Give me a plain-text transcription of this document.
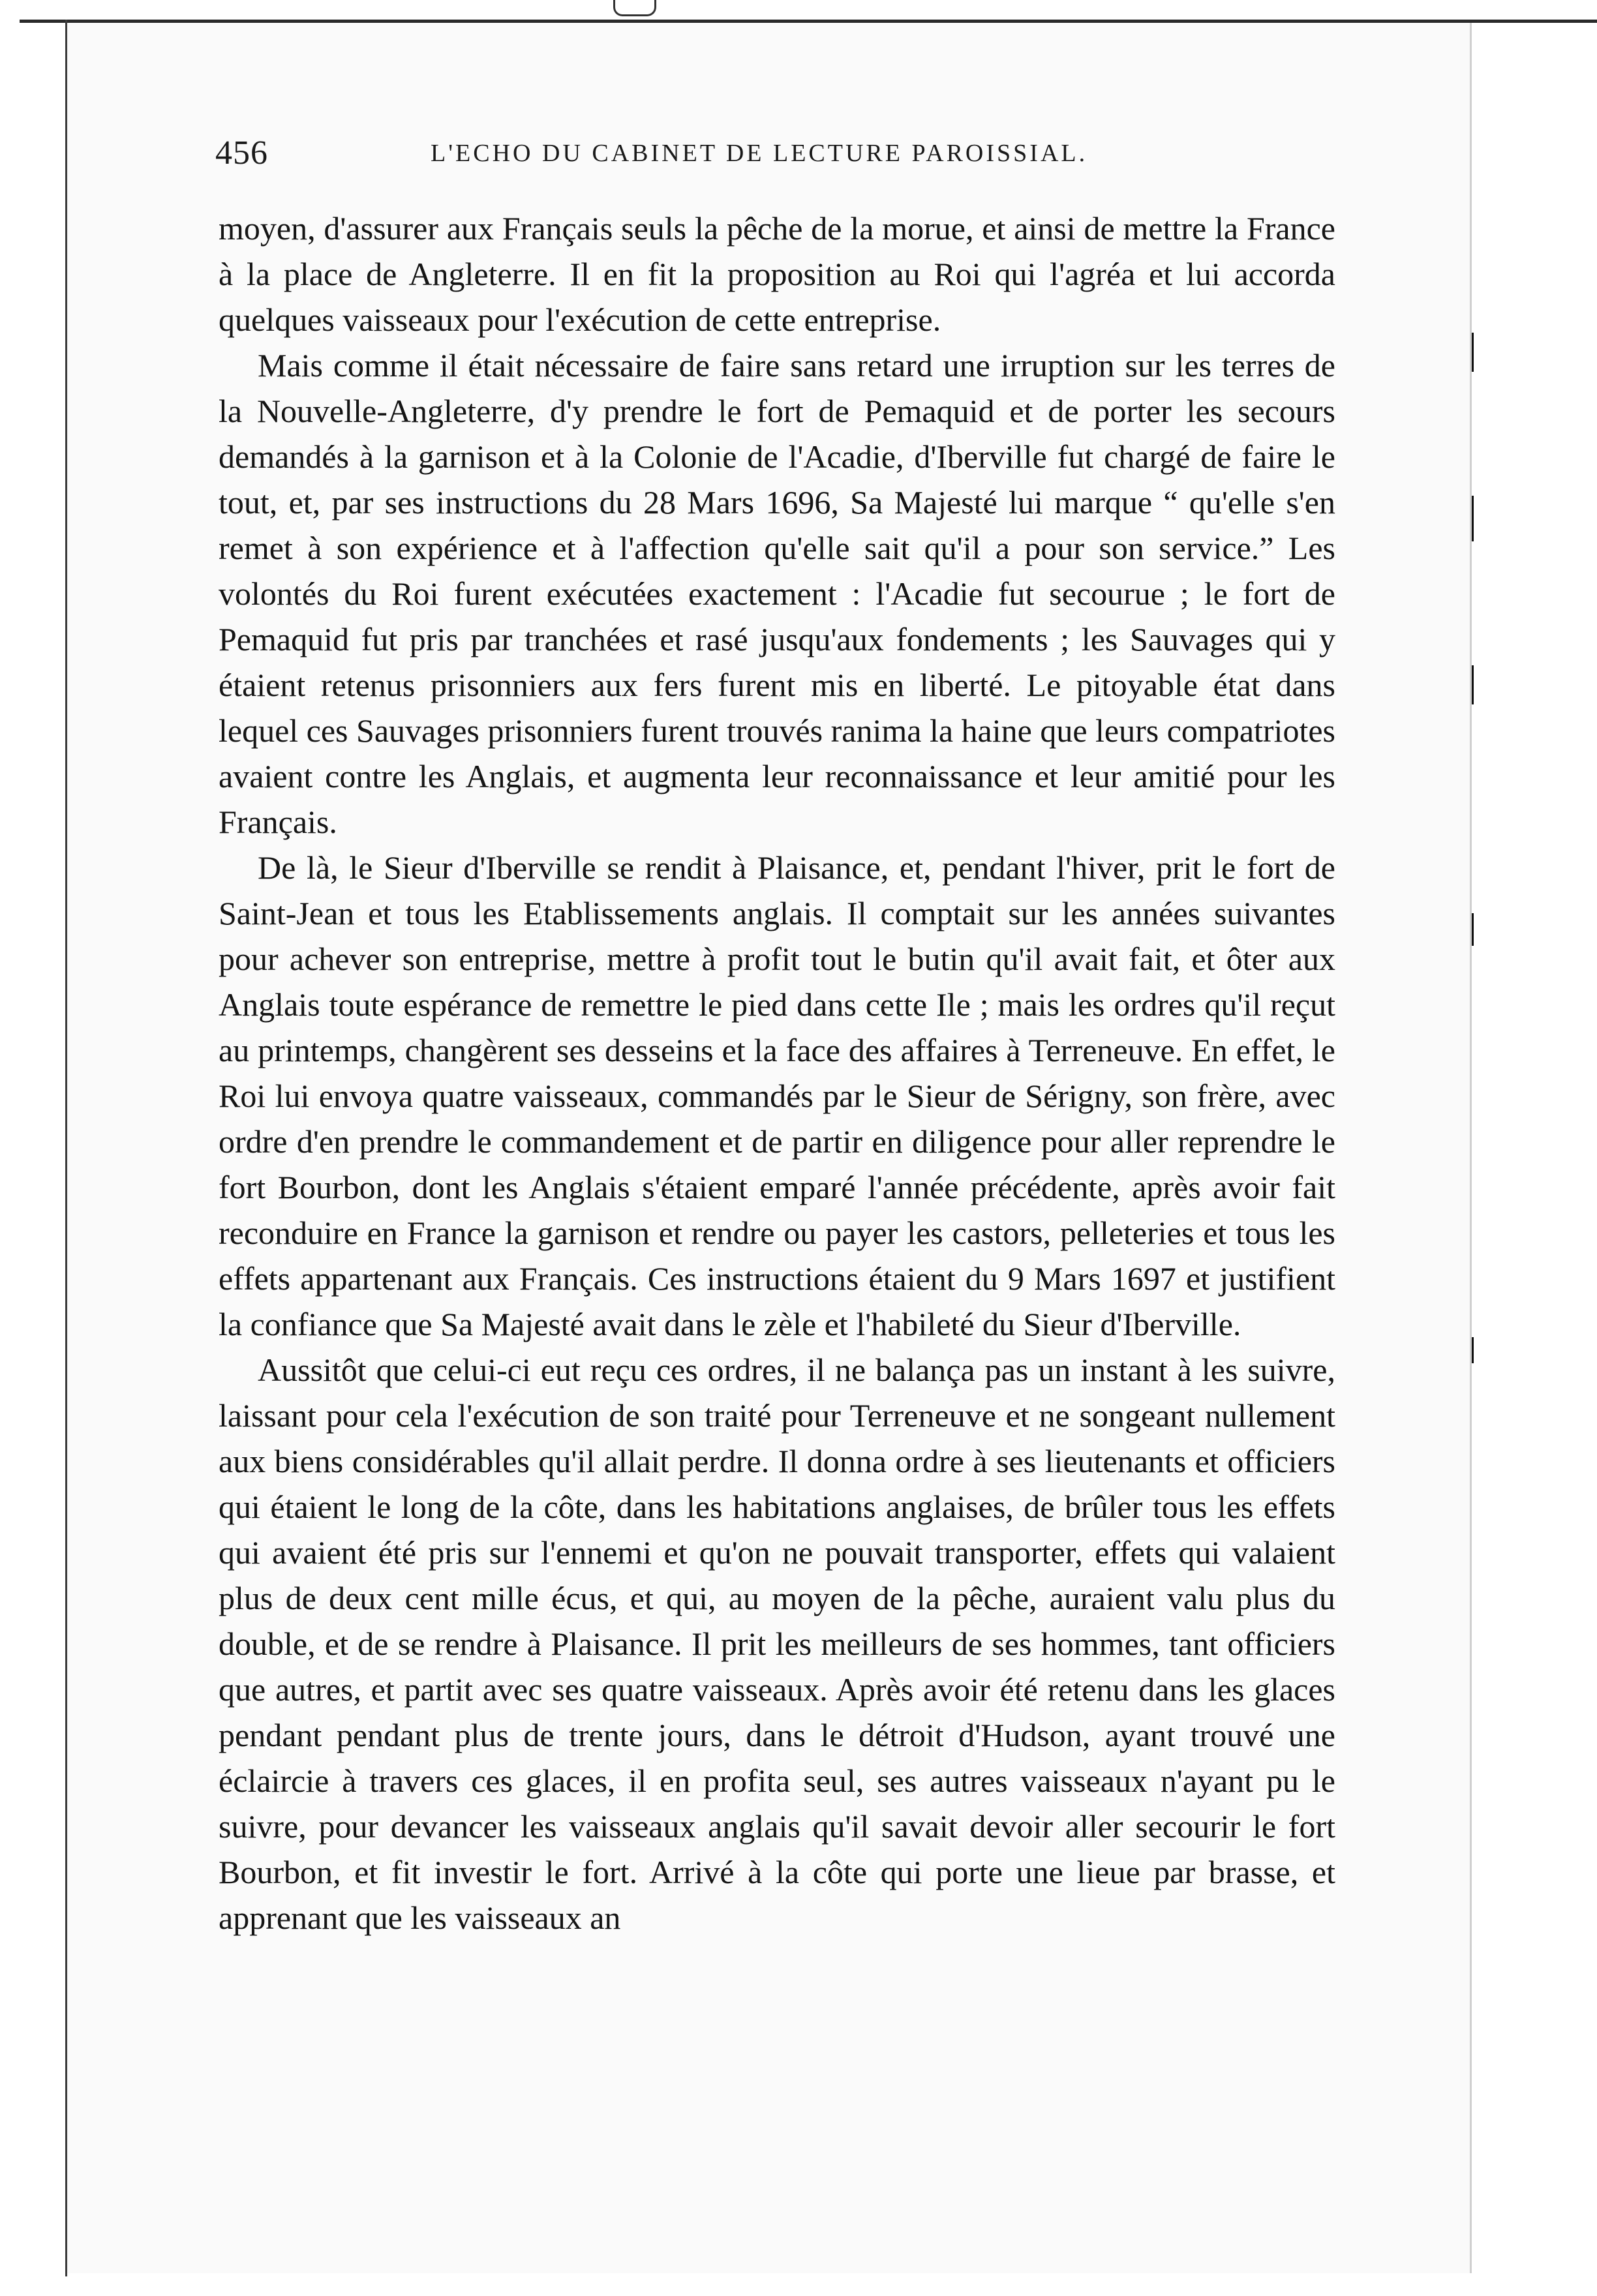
456	L'ECHO DU CABINET DE LECTURE PAROISSIAL.

moyen, d'assurer aux Français seuls la pêche de la morue, et ainsi de mettre la France à la place de Angleterre. Il en fit la proposition au Roi qui l'agréa et lui accorda quelques vaisseaux pour l'exécution de cette entreprise.

Mais comme il était nécessaire de faire sans retard une irruption sur les terres de la Nouvelle-Angleterre, d'y prendre le fort de Pemaquid et de porter les secours demandés à la garnison et à la Colonie de l'Acadie, d'Iberville fut chargé de faire le tout, et, par ses instructions du 28 Mars 1696, Sa Majesté lui marque “ qu'elle s'en remet à son expérience et à l'affection qu'elle sait qu'il a pour son service.” Les volontés du Roi furent exécutées exactement : l'Acadie fut secourue ; le fort de Pemaquid fut pris par tranchées et rasé jusqu'aux fondements ; les Sauvages qui y étaient retenus prisonniers aux fers furent mis en liberté. Le pitoyable état dans lequel ces Sauvages prisonniers furent trouvés ranima la haine que leurs compatriotes avaient contre les Anglais, et augmenta leur reconnaissance et leur amitié pour les Français.

De là, le Sieur d'Iberville se rendit à Plaisance, et, pendant l'hiver, prit le fort de Saint-Jean et tous les Etablissements anglais. Il comptait sur les années suivantes pour achever son entreprise, mettre à profit tout le butin qu'il avait fait, et ôter aux Anglais toute espérance de remettre le pied dans cette Ile ; mais les ordres qu'il reçut au printemps, changèrent ses desseins et la face des affaires à Terreneuve. En effet, le Roi lui envoya quatre vaisseaux, commandés par le Sieur de Sérigny, son frère, avec ordre d'en prendre le commandement et de partir en diligence pour aller reprendre le fort Bourbon, dont les Anglais s'étaient emparé l'année précédente, après avoir fait reconduire en France la garnison et rendre ou payer les castors, pelleteries et tous les effets appartenant aux Français. Ces instructions étaient du 9 Mars 1697 et justifient la confiance que Sa Majesté avait dans le zèle et l'habileté du Sieur d'Iberville.

Aussitôt que celui-ci eut reçu ces ordres, il ne balança pas un instant à les suivre, laissant pour cela l'exécution de son traité pour Terreneuve et ne songeant nullement aux biens considérables qu'il allait perdre. Il donna ordre à ses lieutenants et officiers qui étaient le long de la côte, dans les habitations anglaises, de brûler tous les effets qui avaient été pris sur l'ennemi et qu'on ne pouvait transporter, effets qui valaient plus de deux cent mille écus, et qui, au moyen de la pêche, auraient valu plus du double, et de se rendre à Plaisance. Il prit les meilleurs de ses hommes, tant officiers que autres, et partit avec ses quatre vaisseaux. Après avoir été retenu dans les glaces pendant pendant plus de trente jours, dans le détroit d'Hudson, ayant trouvé une éclaircie à travers ces glaces, il en profita seul, ses autres vaisseaux n'ayant pu le suivre, pour devancer les vaisseaux anglais qu'il savait devoir aller secourir le fort Bourbon, et fit investir le fort. Arrivé à la côte qui porte une lieue par brasse, et apprenant que les vaisseaux an
